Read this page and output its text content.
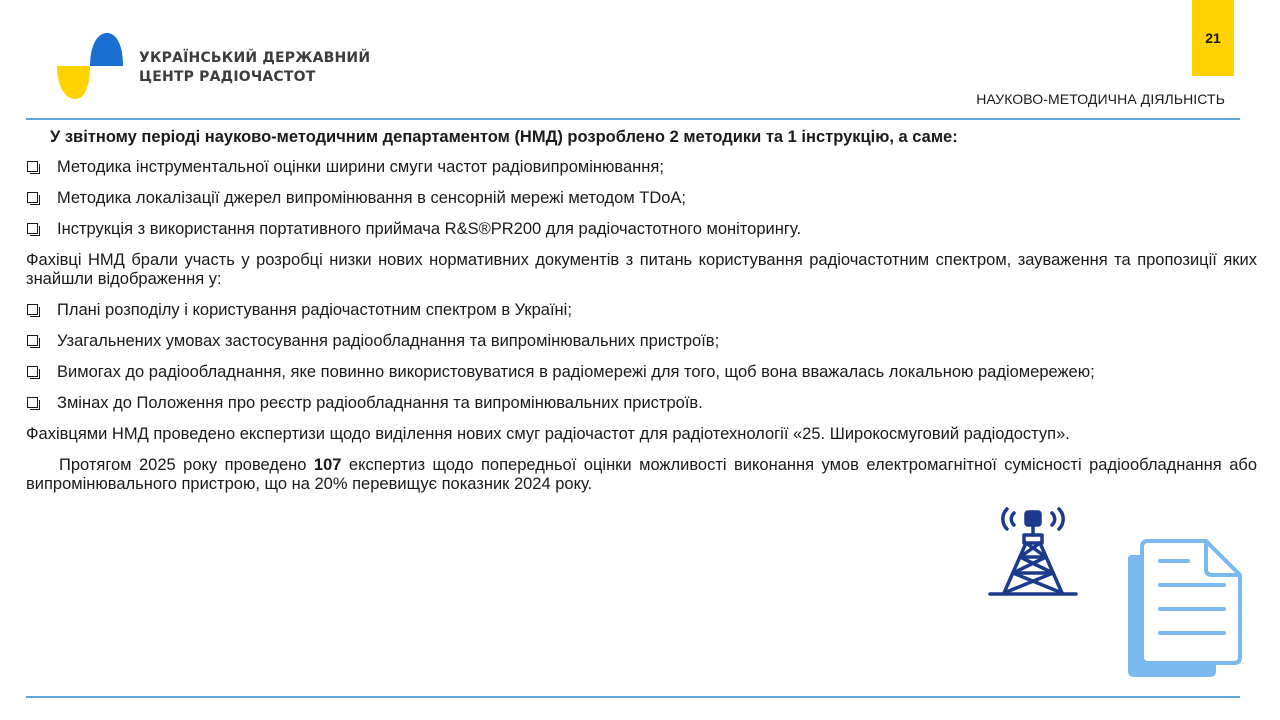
УКРАЇНСЬКИЙ ДЕРЖАВНИЙ
ЦЕНТР РАДІОЧАСТОТ
21
НАУКОВО-МЕТОДИЧНА ДІЯЛЬНІСТЬ
У звітному періоді науково-методичним департаментом (НМД) розроблено 2 методики та 1 інструкцію, а саме:
Методика інструментальної оцінки ширини смуги частот радіовипромінювання;
Методика локалізації джерел випромінювання в сенсорній мережі методом TDoA;
Інструкція з використання портативного приймача R&S®PR200 для радіочастотного моніторингу.
Фахівці НМД брали участь у розробці низки нових нормативних документів з питань користування радіочастотним спектром, зауваження та пропозиції яких знайшли відображення у:
Плані розподілу і користування радіочастотним спектром в Україні;
Узагальнених умовах застосування радіообладнання та випромінювальних пристроїв;
Вимогах до радіообладнання, яке повинно використовуватися в радіомережі для того, щоб вона вважалась локальною радіомережею;
Змінах до Положення про реєстр радіообладнання та випромінювальних пристроїв.
Фахівцями НМД проведено експертизи щодо виділення нових смуг радіочастот для радіотехнології «25. Широкосмуговий радіодоступ».
Протягом 2025 року проведено 107 експертиз щодо попередньої оцінки можливості виконання умов електромагнітної сумісності радіообладнання або випромінювального пристрою, що на 20% перевищує показник 2024 року.
